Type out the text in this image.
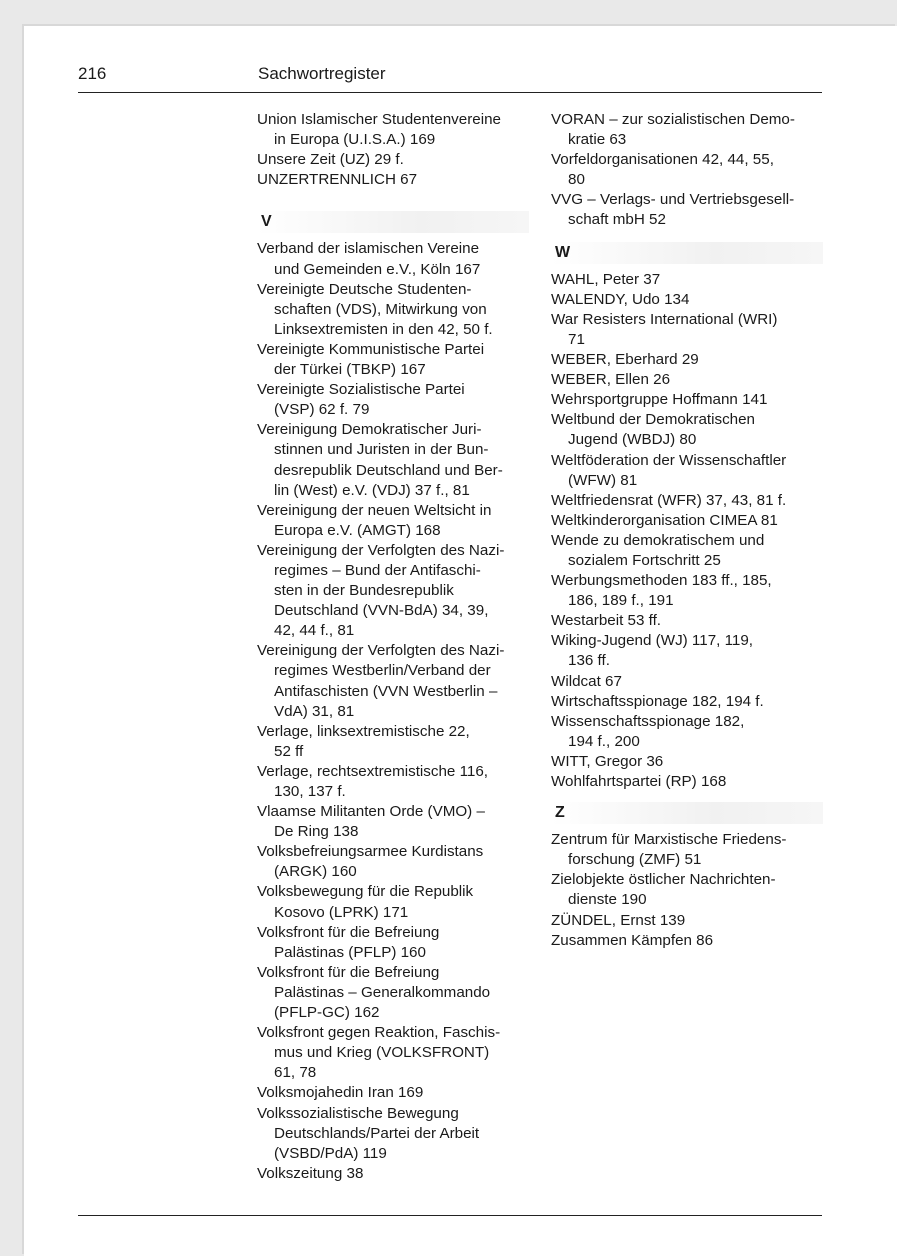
216	Sachwortregister

Union Islamischer Studentenvereine
in Europa (U.I.S.A.) 169

Unsere Zeit (UZ) 29 f.

UNZERTRENNLICH 67

V

Verband der islamischen Vereine
und Gemeinden e.V., Köln 167

Vereinigte Deutsche Studenten-
schaften (VDS), Mitwirkung von
Linksextremisten in den 42, 50 f.

Vereinigte Kommunistische Partei
der Türkei (TBKP) 167

Vereinigte Sozialistische Partei
(VSP) 62 f. 79

Vereinigung Demokratischer Juri-
stinnen und Juristen in der Bun-
desrepublik Deutschland und Ber-
lin (West) e.V. (VDJ) 37 f., 81

Vereinigung der neuen Weltsicht in
Europa e.V. (AMGT) 168

Vereinigung der Verfolgten des Nazi-
regimes – Bund der Antifaschi-
sten in der Bundesrepublik
Deutschland (VVN-BdA) 34, 39,
42, 44 f., 81

Vereinigung der Verfolgten des Nazi-
regimes Westberlin/Verband der
Antifaschisten (VVN Westberlin –
VdA) 31, 81

Verlage, linksextremistische 22,
52 ff

Verlage, rechtsextremistische 116,
130, 137 f.

Vlaamse Militanten Orde (VMO) –
De Ring 138

Volksbefreiungsarmee Kurdistans
(ARGK) 160

Volksbewegung für die Republik
Kosovo (LPRK) 171

Volksfront für die Befreiung
Palästinas (PFLP) 160

Volksfront für die Befreiung
Palästinas – Generalkommando
(PFLP-GC) 162

Volksfront gegen Reaktion, Faschis-
mus und Krieg (VOLKSFRONT)
61, 78

Volksmojahedin Iran 169

Volkssozialistische Bewegung
Deutschlands/Partei der Arbeit
(VSBD/PdA) 119

Volkszeitung 38

VORAN – zur sozialistischen Demo-
kratie 63

Vorfeldorganisationen 42, 44, 55,
80

VVG – Verlags- und Vertriebsgesell-
schaft mbH 52

W

WAHL, Peter 37

WALENDY, Udo 134

War Resisters International (WRI)
71

WEBER, Eberhard 29

WEBER, Ellen 26

Wehrsportgruppe Hoffmann 141

Weltbund der Demokratischen
Jugend (WBDJ) 80

Weltföderation der Wissenschaftler
(WFW) 81

Weltfriedensrat (WFR) 37, 43, 81 f.

Weltkinderorganisation CIMEA 81

Wende zu demokratischem und
sozialem Fortschritt 25

Werbungsmethoden 183 ff., 185,
186, 189 f., 191

Westarbeit 53 ff.

Wiking-Jugend (WJ) 117, 119,
136 ff.

Wildcat 67

Wirtschaftsspionage 182, 194 f.

Wissenschaftsspionage 182,
194 f., 200

WITT, Gregor 36

Wohlfahrtspartei (RP) 168

Z

Zentrum für Marxistische Friedens-
forschung (ZMF) 51

Zielobjekte östlicher Nachrichten-
dienste 190

ZÜNDEL, Ernst 139

Zusammen Kämpfen 86
